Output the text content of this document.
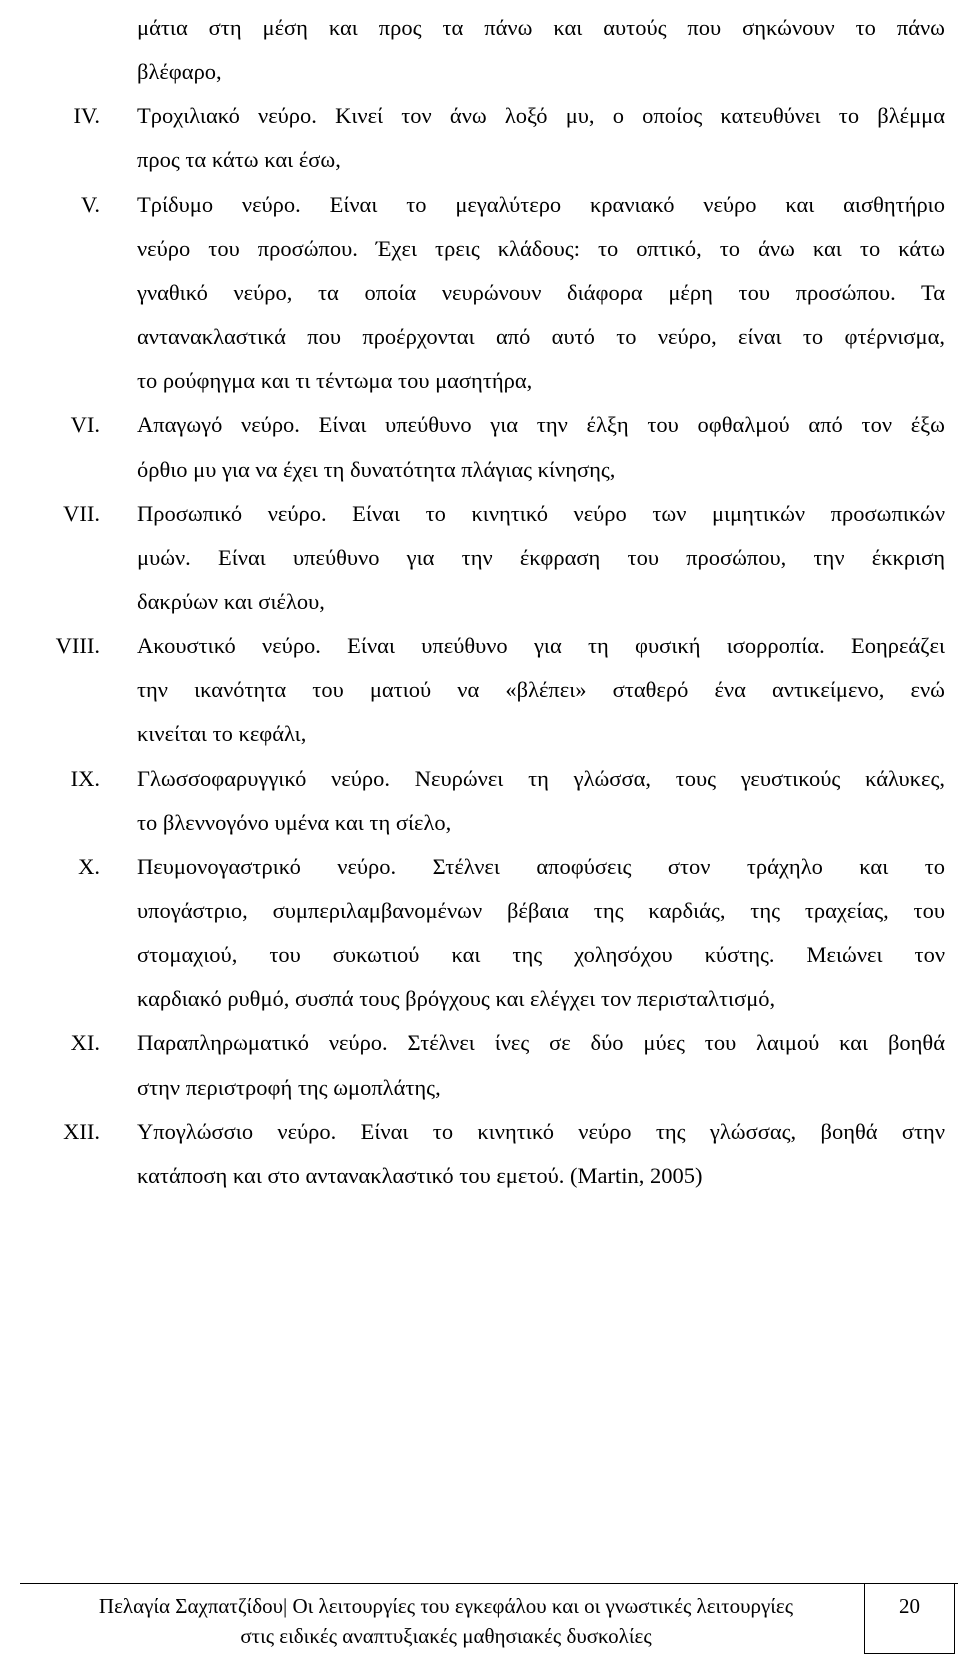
μάτια στη μέση και προς τα πάνω και αυτούς που σηκώνουν το πάνω
βλέφαρο,
IV. Τροχιλιακό νεύρο. Κινεί τον άνω λοξό μυ, ο οποίος κατευθύνει το βλέμμα
προς τα κάτω και έσω,
V. Τρίδυμο νεύρο. Είναι το μεγαλύτερο κρανιακό νεύρο και αισθητήριο
νεύρο του προσώπου. Έχει τρεις κλάδους: το οπτικό, το άνω και το κάτω
γναθικό νεύρο, τα οποία νευρώνουν διάφορα μέρη του προσώπου. Τα
αντανακλαστικά που προέρχονται από αυτό το νεύρο, είναι το φτέρνισμα,
το ρούφηγμα και τι τέντωμα του μασητήρα,
VI. Απαγωγό νεύρο. Είναι υπεύθυνο για την έλξη του οφθαλμού από τον έξω
όρθιο μυ για να έχει τη δυνατότητα πλάγιας κίνησης,
VII. Προσωπικό νεύρο. Είναι το κινητικό νεύρο των μιμητικών προσωπικών
μυών. Είναι υπεύθυνο για την έκφραση του προσώπου, την έκκριση
δακρύων και σιέλου,
VIII. Ακουστικό νεύρο. Είναι υπεύθυνο για τη φυσική ισορροπία. Εοηρεάζει
την ικανότητα του ματιού να «βλέπει» σταθερό ένα αντικείμενο, ενώ
κινείται το κεφάλι,
IX. Γλωσσοφαρυγγικό νεύρο. Νευρώνει τη γλώσσα, τους γευστικούς κάλυκες,
το βλεννογόνο υμένα και τη σίελο,
X. Πευμονογαστρικό νεύρο. Στέλνει αποφύσεις στον τράχηλο και το
υπογάστριο, συμπεριλαμβανομένων βέβαια της καρδιάς, της τραχείας, του
στομαχιού, του συκωτιού και της χολησόχου κύστης. Μειώνει τον
καρδιακό ρυθμό, συσπά τους βρόγχους και ελέγχει τον περισταλτισμό,
XI. Παραπληρωματικό νεύρο. Στέλνει ίνες σε δύο μύες του λαιμού και βοηθά
στην περιστροφή της ωμοπλάτης,
XII. Υπογλώσσιο νεύρο. Είναι το κινητικό νεύρο της γλώσσας, βοηθά στην
κατάποση και στο αντανακλαστικό του εμετού. (Martin, 2005)
Πελαγία Σαχπατζίδου| Οι λειτουργίες του εγκεφάλου και οι γνωστικές λειτουργίες
στις ειδικές αναπτυξιακές μαθησιακές δυσκολίες
20
